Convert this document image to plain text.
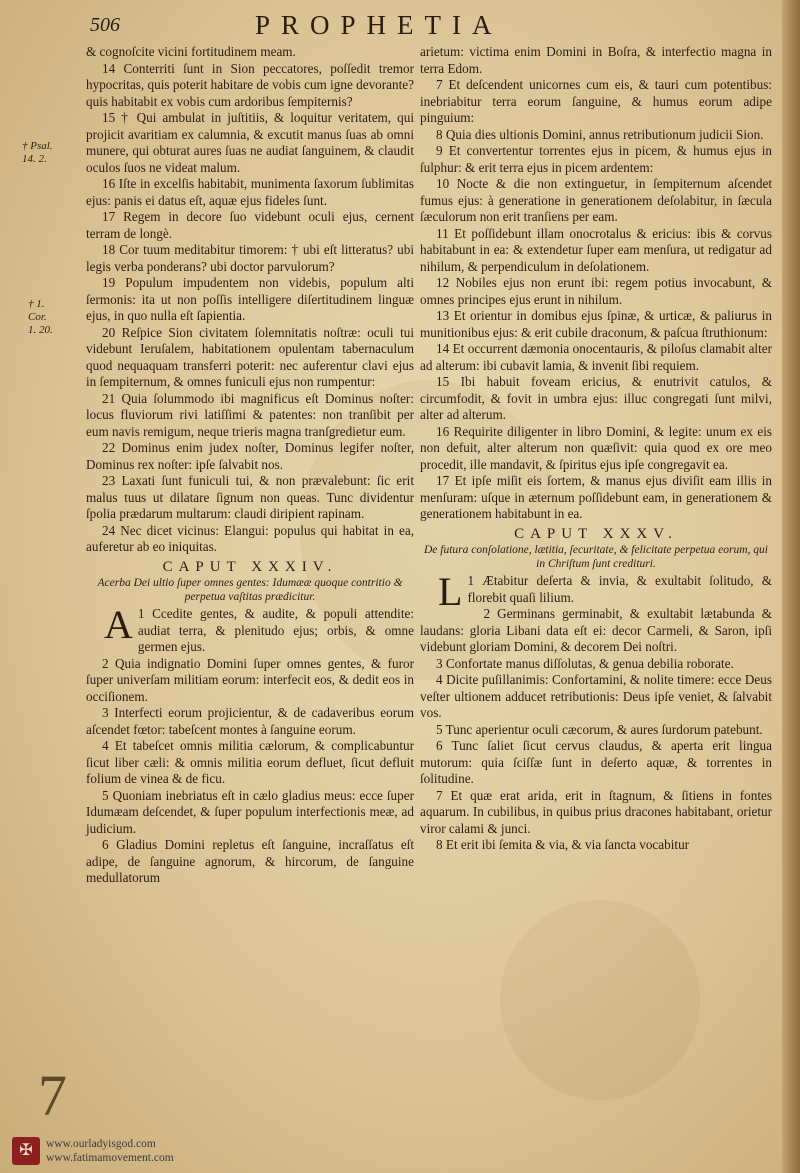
506	PROPHETIA
† Psal.
14. 2.
† 1.
Cor.
1. 20.

& cognoſcite vicini fortitudinem meam.

14 Conterriti ſunt in Sion peccatores, poſſedit tremor hypocritas, quis poterit habitare de vobis cum igne devorante? quis habitabit ex vobis cum ardoribus ſempiternis?

15 † Qui ambulat in juſtitiis, & loquitur veritatem, qui projicit avaritiam ex calumnia, & excutit manus ſuas ab omni munere, qui obturat aures ſuas ne audiat ſanguinem, & claudit oculos ſuos ne videat malum.

16 Iſte in excelſis habitabit, munimenta ſaxorum ſublimitas ejus: panis ei datus eſt, aquæ ejus fideles ſunt.

17 Regem in decore ſuo videbunt oculi ejus, cernent terram de longè.

18 Cor tuum meditabitur timorem: † ubi eſt litteratus? ubi legis verba ponderans? ubi doctor parvulorum?

19 Populum impudentem non videbis, populum alti ſermonis: ita ut non poſſis intelligere diſertitudinem linguæ ejus, in quo nulla eſt ſapientia.

20 Reſpice Sion civitatem ſolemnitatis noſtræ: oculi tui videbunt Ieruſalem, habitationem opulentam tabernaculum quod nequaquam transferri poterit: nec auferentur clavi ejus in ſempiternum, & omnes funiculi ejus non rumpentur:

21 Quia ſolummodo ibi magnificus eſt Dominus noſter: locus fluviorum rivi latiſſimi & patentes: non tranſibit per eum navis remigum, neque trieris magna tranſgredietur eum.

22 Dominus enim judex noſter, Dominus legifer noſter, Dominus rex noſter: ipſe ſalvabit nos.

23 Laxati ſunt funiculi tui, & non prævalebunt: ſic erit malus tuus ut dilatare ſignum non queas. Tunc dividentur ſpolia prædarum multarum: claudi diripient rapinam.

24 Nec dicet vicinus: Elangui: populus qui habitat in ea, auferetur ab eo iniquitas.

CAPUT XXXIV.
Acerba Dei ultio ſuper omnes gentes: Idumææ quoque contritio & perpetua vaſtitas prædicitur.

1
A Ccedite gentes, & audite, & populi attendite: audiat terra, & plenitudo ejus; orbis, & omne germen ejus.

2 Quia indignatio Domini ſuper omnes gentes, & furor ſuper univerſam militiam eorum: interfecit eos, & dedit eos in occiſionem.

3 Interfecti eorum projicientur, & de cadaveribus eorum aſcendet fœtor: tabeſcent montes à ſanguine eorum.

4 Et tabeſcet omnis militia cælorum, & complicabuntur ſicut liber cæli: & omnis militia eorum defluet, ſicut defluit folium de vinea & de ficu.

5 Quoniam inebriatus eſt in cælo gladius meus: ecce ſuper Idumæam deſcendet, & ſuper populum interfectionis meæ, ad judicium.

6 Gladius Domini repletus eſt ſanguine, incraſſatus eſt adipe, de ſanguine agnorum, & hircorum, de ſanguine medullatorum

arietum: victima enim Domini in Boſra, & interfectio magna in terra Edom.

7 Et deſcendent unicornes cum eis, & tauri cum potentibus: inebriabitur terra eorum ſanguine, & humus eorum adipe pinguium:

8 Quia dies ultionis Domini, annus retributionum judicii Sion.

9 Et convertentur torrentes ejus in picem, & humus ejus in ſulphur: & erit terra ejus in picem ardentem:

10 Nocte & die non extinguetur, in ſempiternum aſcendet fumus ejus: à generatione in generationem deſolabitur, in ſæcula ſæculorum non erit tranſiens per eam.

11 Et poſſidebunt illam onocrotalus & ericius: ibis & corvus habitabunt in ea: & extendetur ſuper eam menſura, ut redigatur ad nihilum, & perpendiculum in deſolationem.

12 Nobiles ejus non erunt ibi: regem potius invocabunt, & omnes principes ejus erunt in nihilum.

13 Et orientur in domibus ejus ſpinæ, & urticæ, & paliurus in munitionibus ejus: & erit cubile draconum, & paſcua ſtruthionum:

14 Et occurrent dæmonia onocentauris, & piloſus clamabit alter ad alterum: ibi cubavit lamia, & invenit ſibi requiem.

15 Ibi habuit foveam ericius, & enutrivit catulos, & circumfodit, & fovit in umbra ejus: illuc congregati ſunt milvi, alter ad alterum.

16 Requirite diligenter in libro Domini, & legite: unum ex eis non defuit, alter alterum non quæſivit: quia quod ex ore meo procedit, ille mandavit, & ſpiritus ejus ipſe congregavit ea.

17 Et ipſe miſit eis ſortem, & manus ejus diviſit eam illis in menſuram: uſque in æternum poſſidebunt eam, in generationem & generationem habitabunt in ea.

CAPUT XXXV.
De futura conſolatione, lætitia, ſecuritate, & felicitate perpetua eorum, qui in Chriſtum ſunt credituri.

L 1 Ætabitur deſerta & invia, & exultabit ſolitudo, & florebit quaſi lilium.

2 Germinans germinabit, & exultabit lætabunda & laudans: gloria Libani data eſt ei: decor Carmeli, & Saron, ipſi videbunt gloriam Domini, & decorem Dei noſtri.

3 Confortate manus diſſolutas, & genua debilia roborate.

4 Dicite puſillanimis: Confortamini, & nolite timere: ecce Deus veſter ultionem adducet retributionis: Deus ipſe veniet, & ſalvabit vos.

5 Tunc aperientur oculi cæcorum, & aures ſurdorum patebunt.

6 Tunc ſaliet ſicut cervus claudus, & aperta erit lingua mutorum: quia ſciſſæ ſunt in deſerto aquæ, & torrentes in ſolitudine.

7 Et quæ erat arida, erit in ſtagnum, & ſitiens in fontes aquarum. In cubilibus, in quibus prius dracones habitabant, orietur viror calami & junci.

8 Et erit ibi ſemita & via, & via ſancta vocabitur

7
✠	www.ourladyisgod.com
www.fatimamovement.com
